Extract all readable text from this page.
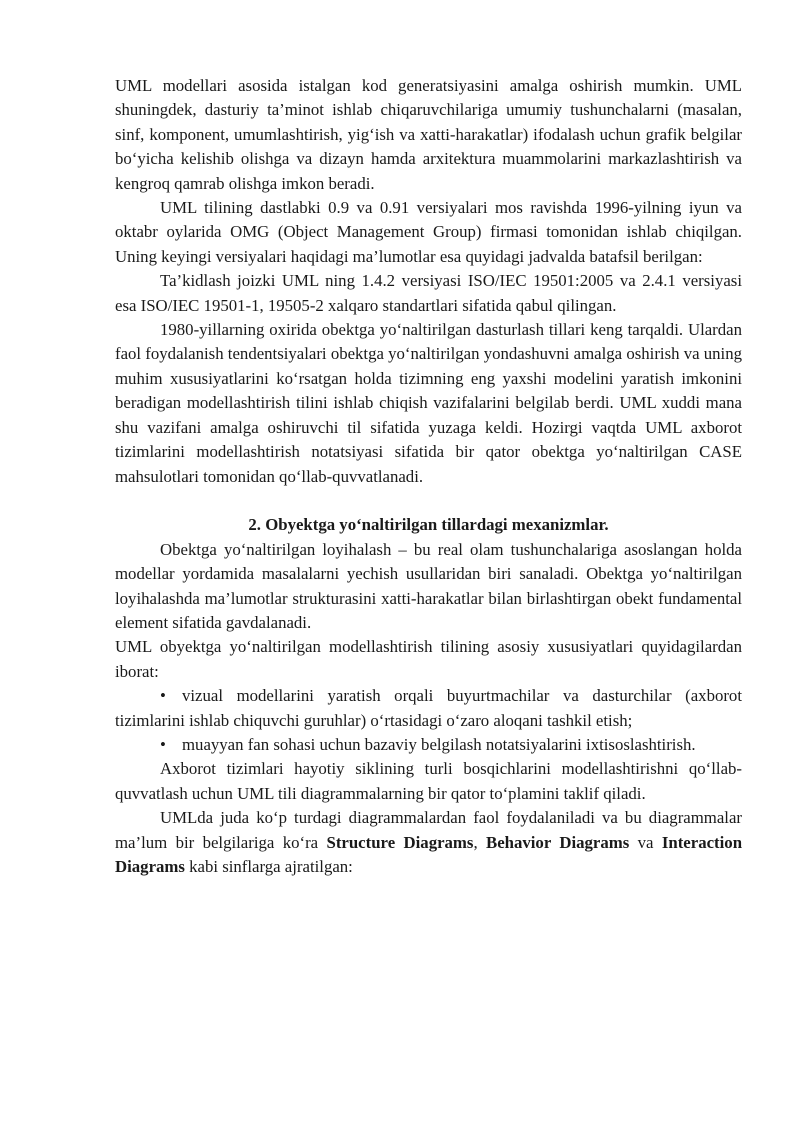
UML modellari asosida istalgan kod generatsiyasini amalga oshirish mumkin. UML shuningdek, dasturiy ta’minot ishlab chiqaruvchilariga umumiy tushunchalarni (masalan, sinf, komponent, umumlashtirish, yig‘ish va xatti-harakatlar) ifodalash uchun grafik belgilar bo‘yicha kelishib olishga va dizayn hamda arxitektura muammolarini markazlashtirish va kengroq qamrab olishga imkon beradi.

UML tilining dastlabki 0.9 va 0.91 versiyalari mos ravishda 1996-yilning iyun va oktabr oylarida OMG (Object Management Group) firmasi tomonidan ishlab chiqilgan. Uning keyingi versiyalari haqidagi ma’lumotlar esa quyidagi jadvalda batafsil berilgan:

Ta’kidlash joizki UML ning 1.4.2 versiyasi ISO/IEC 19501:2005 va 2.4.1 versiyasi esa ISO/IEC 19501-1, 19505-2 xalqaro standartlari sifatida qabul qilingan.

1980-yillarning oxirida obektga yo‘naltirilgan dasturlash tillari keng tarqaldi. Ulardan faol foydalanish tendentsiyalari obektga yo‘naltirilgan yondashuvni amalga oshirish va uning muhim xususiyatlarini ko‘rsatgan holda tizimning eng yaxshi modelini yaratish imkonini beradigan modellashtirish tilini ishlab chiqish vazifalarini belgilab berdi. UML xuddi mana shu vazifani amalga oshiruvchi til sifatida yuzaga keldi. Hozirgi vaqtda UML axborot tizimlarini modellashtirish notatsiyasi sifatida bir qator obektga yo‘naltirilgan CASE mahsulotlari tomonidan qo‘llab-quvvatlanadi.

2. Obyektga yo‘naltirilgan tillardagi mexanizmlar.

Obektga yo‘naltirilgan loyihalash – bu real olam tushunchalariga asoslangan holda modellar yordamida masalalarni yechish usullaridan biri sanaladi. Obektga yo‘naltirilgan loyihalashda ma’lumotlar strukturasini xatti-harakatlar bilan birlashtirgan obekt fundamental element sifatida gavdalanadi.
UML obyektga yo‘naltirilgan modellashtirish tilining asosiy xususiyatlari quyidagilardan iborat:

• vizual modellarini yaratish orqali buyurtmachilar va dasturchilar (axborot tizimlarini ishlab chiquvchi guruhlar) o‘rtasidagi o‘zaro aloqani tashkil etish;

• muayyan fan sohasi uchun bazaviy belgilash notatsiyalarini ixtisoslashtirish.

Axborot tizimlari hayotiy siklining turli bosqichlarini modellashtirishni qo‘llab-quvvatlash uchun UML tili diagrammalarning bir qator to‘plamini taklif qiladi.

UMLda juda ko‘p turdagi diagrammalardan faol foydalaniladi va bu diagrammalar ma’lum bir belgilariga ko‘ra Structure Diagrams, Behavior Diagrams va Interaction Diagrams kabi sinflarga ajratilgan:
